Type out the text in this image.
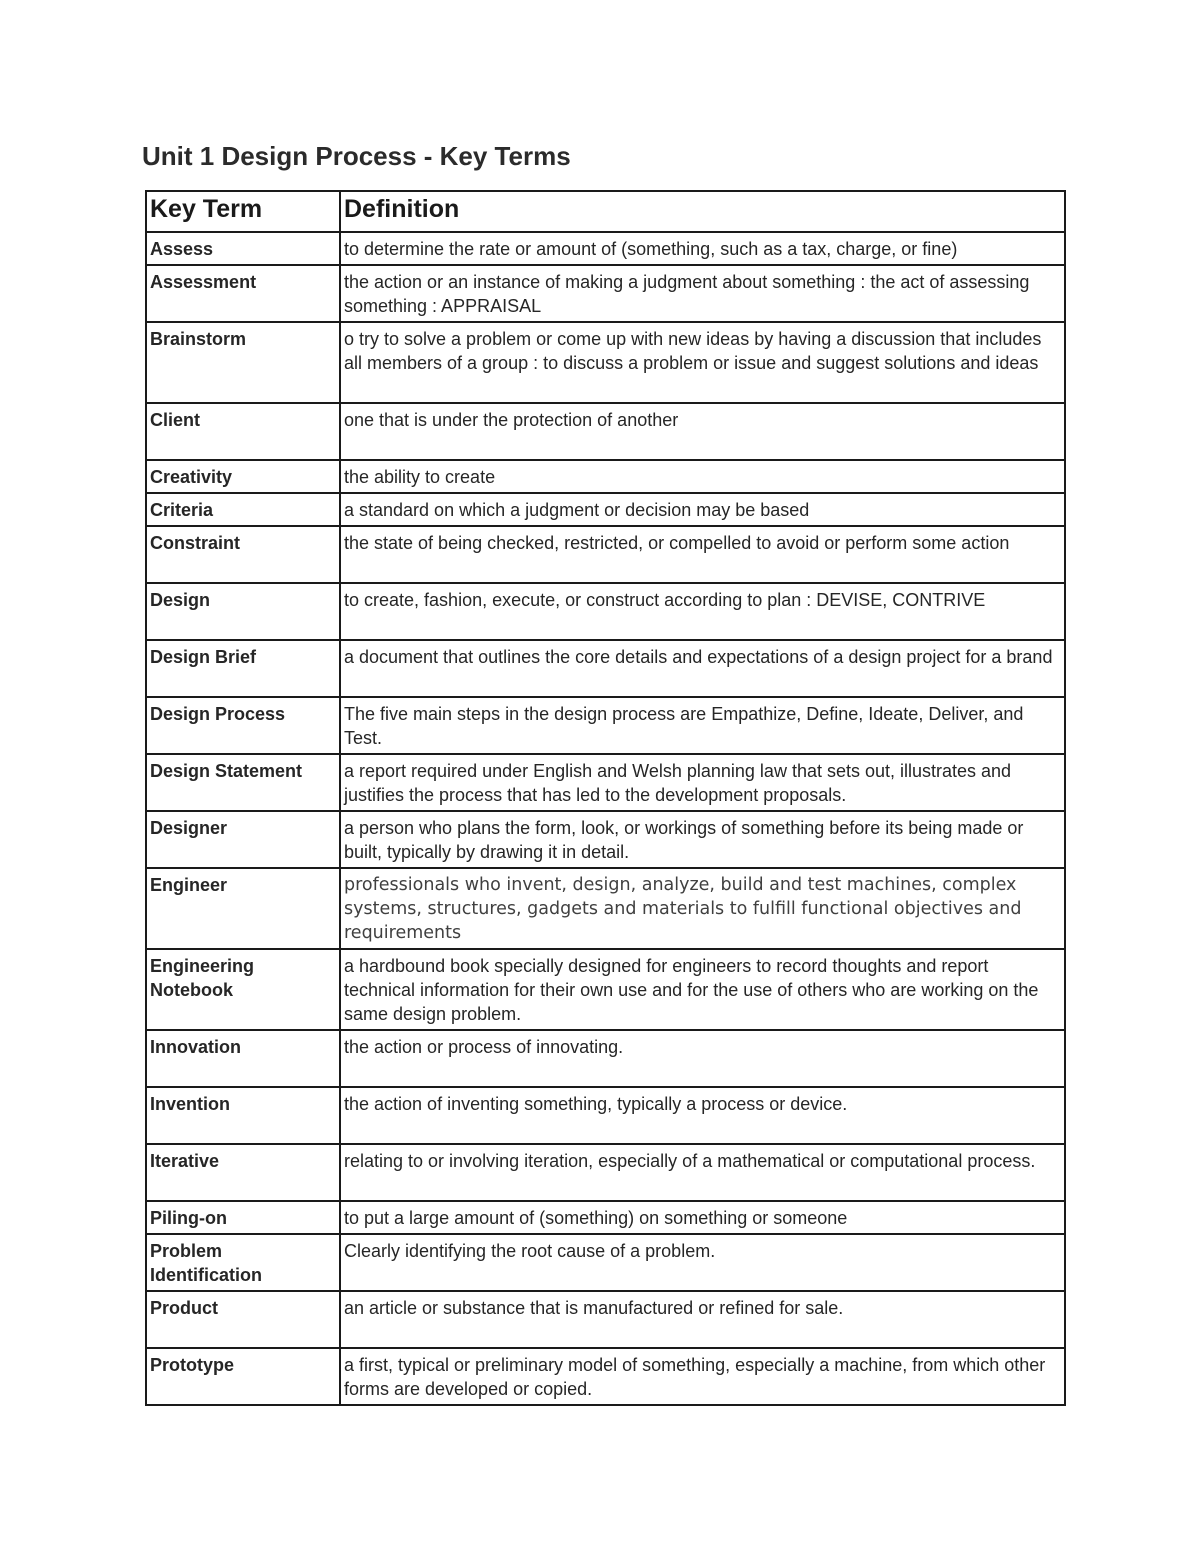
Unit 1 Design Process - Key Terms
Key Term	Definition
Assess	to determine the rate or amount of (something, such as a tax, charge, or fine)
Assessment	the action or an instance of making a judgment about something : the act of assessing something : APPRAISAL
Brainstorm	o try to solve a problem or come up with new ideas by having a discussion that includes all members of a group : to discuss a problem or issue and suggest solutions and ideas
Client	one that is under the protection of another
Creativity	the ability to create
Criteria	a standard on which a judgment or decision may be based
Constraint	the state of being checked, restricted, or compelled to avoid or perform some action
Design	to create, fashion, execute, or construct according to plan : DEVISE, CONTRIVE
Design Brief	a document that outlines the core details and expectations of a design project for a brand
Design Process	The five main steps in the design process are Empathize, Define, Ideate, Deliver, and Test.
Design Statement	a report required under English and Welsh planning law that sets out, illustrates and justifies the process that has led to the development proposals.
Designer	a person who plans the form, look, or workings of something before its being made or built, typically by drawing it in detail.
Engineer	professionals who invent, design, analyze, build and test machines, complex systems, structures, gadgets and materials to fulfill functional objectives and requirements
Engineering Notebook	a hardbound book specially designed for engineers to record thoughts and report technical information for their own use and for the use of others who are working on the same design problem.
Innovation	the action or process of innovating.
Invention	the action of inventing something, typically a process or device.
Iterative	relating to or involving iteration, especially of a mathematical or computational process.
Piling-on	to put a large amount of (something) on something or someone
Problem Identification	Clearly identifying the root cause of a problem.
Product	an article or substance that is manufactured or refined for sale.
Prototype	a first, typical or preliminary model of something, especially a machine, from which other forms are developed or copied.
